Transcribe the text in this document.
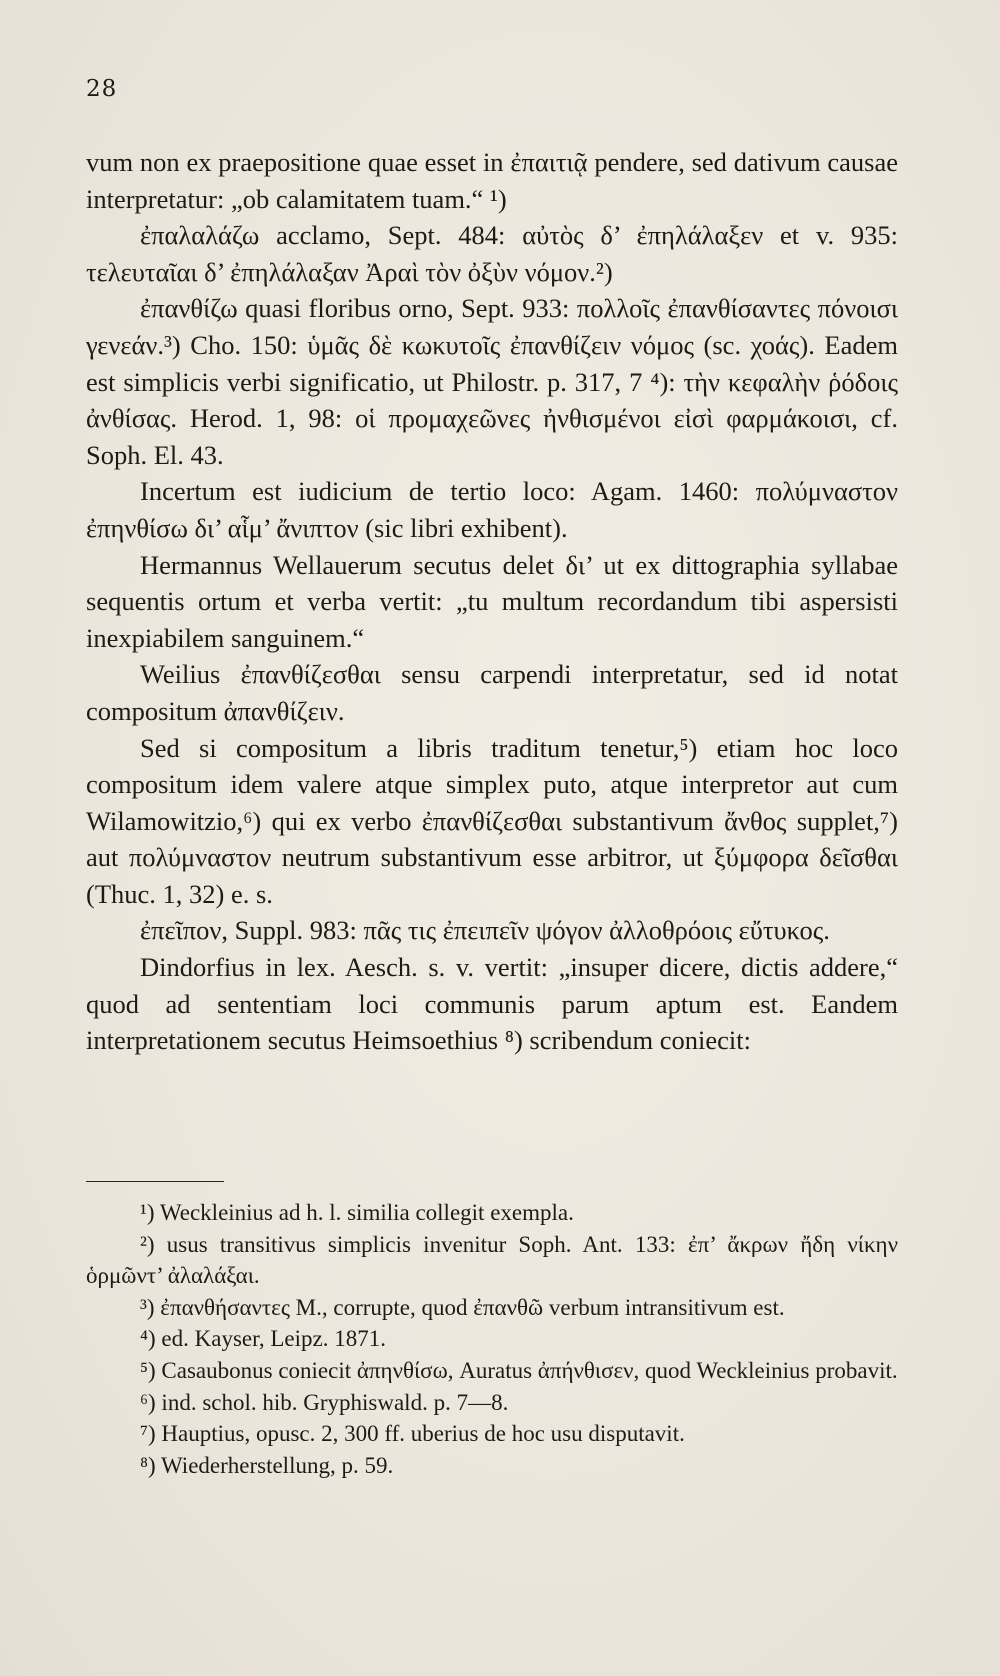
28

vum non ex praepositione quae esset in ἐπαιτιᾷ pendere, sed dativum causae interpretatur: „ob calamitatem tuam.“ ¹)

ἐπαλαλάζω acclamo, Sept. 484: αὐτὸς δ’ ἐπηλάλαξεν et v. 935: τελευταῖαι δ’ ἐπηλάλαξαν Ἀραὶ τὸν ὀξὺν νόμον.²)

ἐπανθίζω quasi floribus orno, Sept. 933: πολλοῖς ἐπανθίσαντες πόνοισι γενεάν.³) Cho. 150: ὑμᾶς δὲ κωκυτοῖς ἐπανθίζειν νόμος (sc. χοάς). Eadem est simplicis verbi significatio, ut Philostr. p. 317, 7 ⁴): τὴν κεφαλὴν ῥόδοις ἀνθίσας. Herod. 1, 98: οἱ προμαχεῶνες ἠνθισμένοι εἰσὶ φαρμάκοισι, cf. Soph. El. 43.

Incertum est iudicium de tertio loco: Agam. 1460: πολύμναστον ἐπηνθίσω δι’ αἷμ’ ἄνιπτον (sic libri exhibent).

Hermannus Wellauerum secutus delet δι’ ut ex dittographia syllabae sequentis ortum et verba vertit: „tu multum recordandum tibi aspersisti inexpiabilem sanguinem.“

Weilius ἐπανθίζεσθαι sensu carpendi interpretatur, sed id notat compositum ἀπανθίζειν.

Sed si compositum a libris traditum tenetur,⁵) etiam hoc loco compositum idem valere atque simplex puto, atque interpretor aut cum Wilamowitzio,⁶) qui ex verbo ἐπανθίζεσθαι substantivum ἄνθος supplet,⁷) aut πολύμναστον neutrum substantivum esse arbitror, ut ξύμφορα δεῖσθαι (Thuc. 1, 32) e. s.

ἐπεῖπον, Suppl. 983: πᾶς τις ἐπειπεῖν ψόγον ἀλλοθρόοις εὔτυκος.

Dindorfius in lex. Aesch. s. v. vertit: „insuper dicere, dictis addere,“ quod ad sententiam loci communis parum aptum est. Eandem interpretationem secutus Heimsoethius ⁸) scribendum coniecit:

¹) Weckleinius ad h. l. similia collegit exempla.

²) usus transitivus simplicis invenitur Soph. Ant. 133: ἐπ’ ἄκρων ἤδη νίκην ὁρμῶντ’ ἀλαλάξαι.

³) ἐπανθήσαντες M., corrupte, quod ἐπανθῶ verbum intransitivum est.

⁴) ed. Kayser, Leipz. 1871.

⁵) Casaubonus coniecit ἀπηνθίσω, Auratus ἀπήνθισεν, quod Weckleinius probavit.

⁶) ind. schol. hib. Gryphiswald. p. 7—8.

⁷) Hauptius, opusc. 2, 300 ff. uberius de hoc usu disputavit.

⁸) Wiederherstellung, p. 59.
